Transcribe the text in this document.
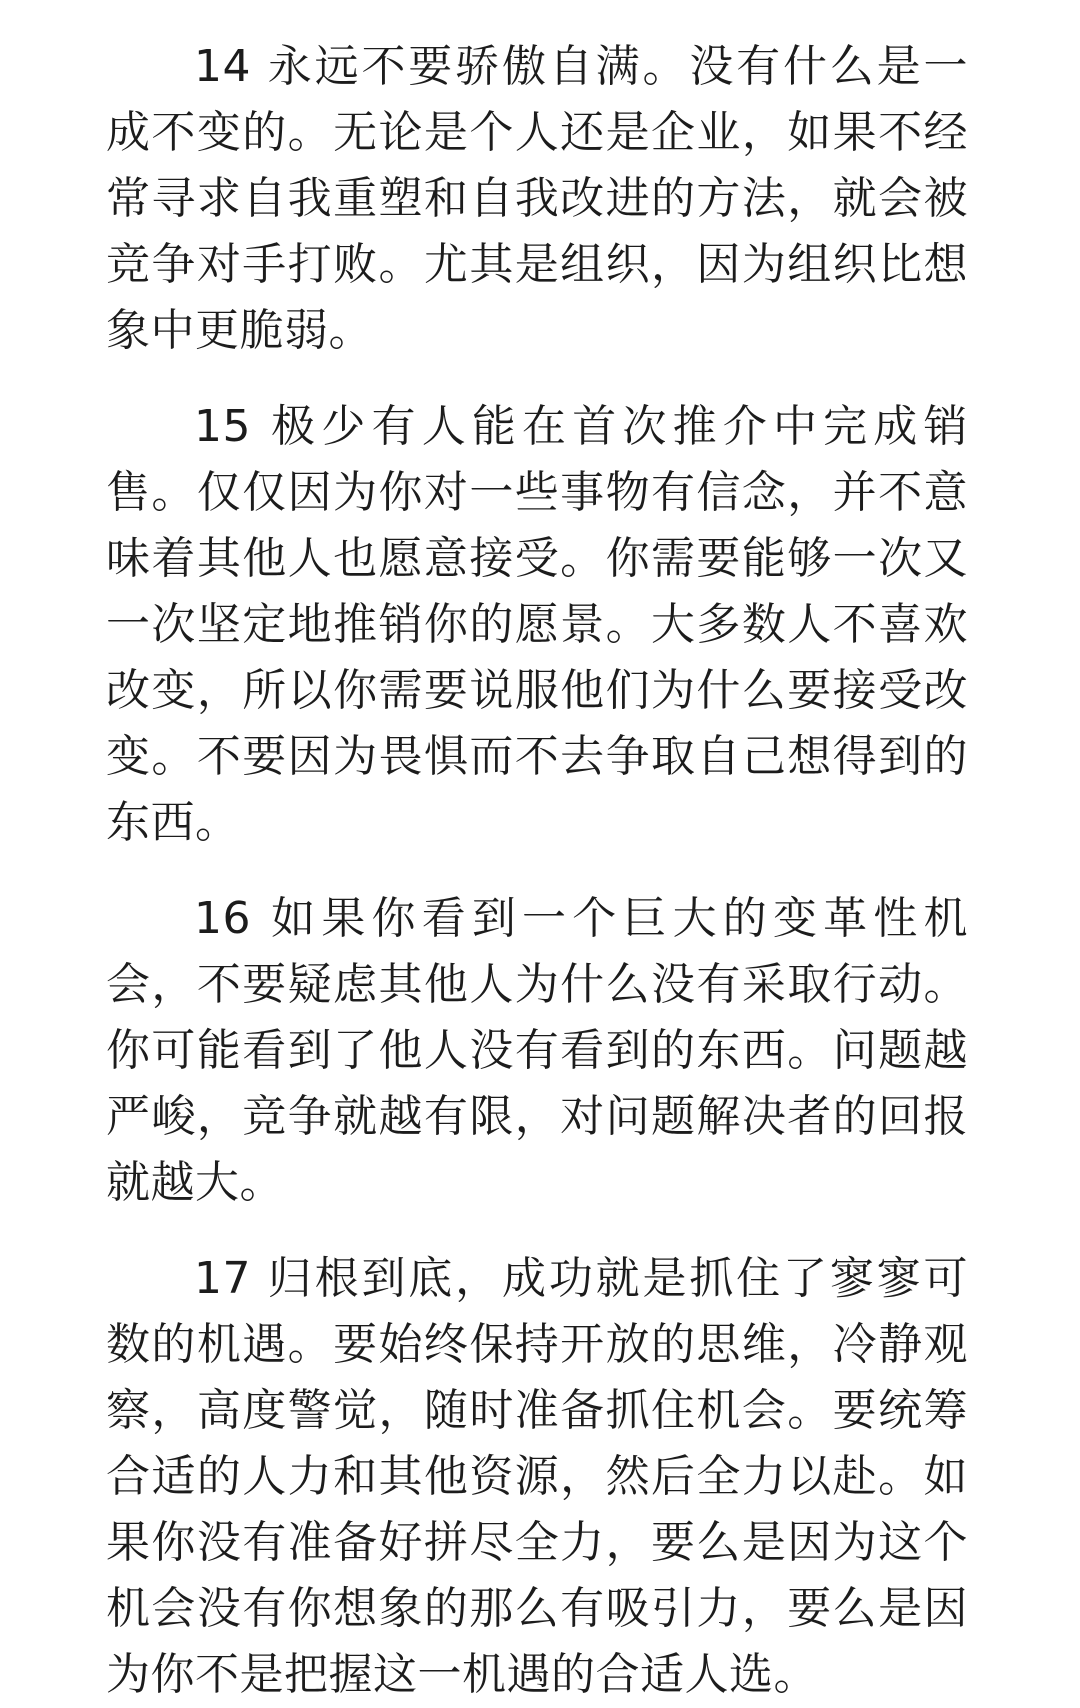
14 永远不要骄傲自满。没有什么是一成不变的。无论是个人还是企业，如果不经常寻求自我重塑和自我改进的方法，就会被竞争对手打败。尤其是组织，因为组织比想象中更脆弱。

15 极少有人能在首次推介中完成销售。仅仅因为你对一些事物有信念，并不意味着其他人也愿意接受。你需要能够一次又一次坚定地推销你的愿景。大多数人不喜欢改变，所以你需要说服他们为什么要接受改变。不要因为畏惧而不去争取自己想得到的东西。

16 如果你看到一个巨大的变革性机会，不要疑虑其他人为什么没有采取行动。你可能看到了他人没有看到的东西。问题越严峻，竞争就越有限，对问题解决者的回报就越大。

17 归根到底，成功就是抓住了寥寥可数的机遇。要始终保持开放的思维，冷静观察，高度警觉，随时准备抓住机会。要统筹合适的人力和其他资源，然后全力以赴。如果你没有准备好拼尽全力，要么是因为这个机会没有你想象的那么有吸引力，要么是因为你不是把握这一机遇的合适人选。
